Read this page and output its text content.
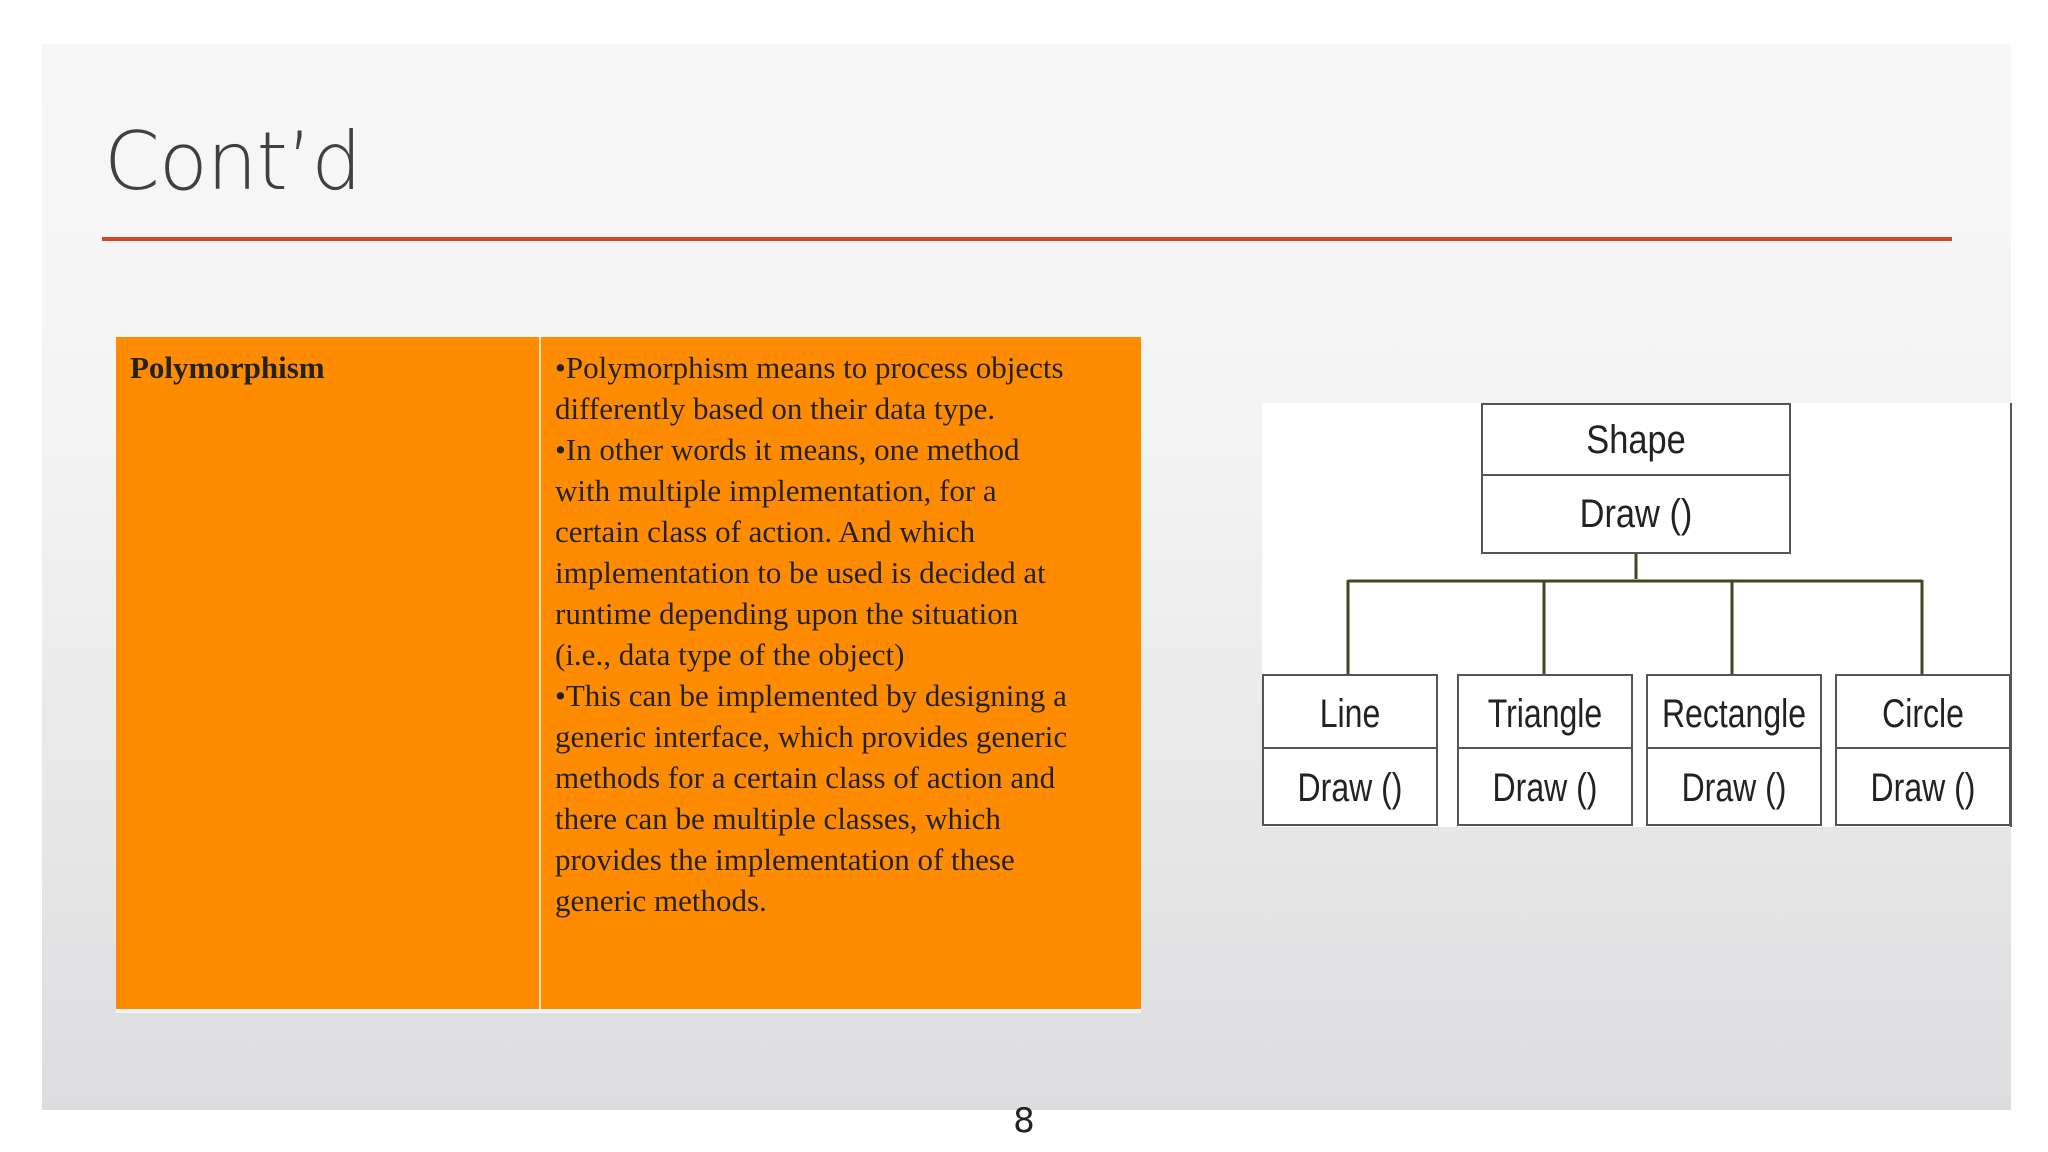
Cont’d
Polymorphism	•Polymorphism means to process objects
differently based on their data type.
•In other words it means, one method
with multiple implementation, for a
certain class of action. And which
implementation to be used is decided at
runtime depending upon the situation
(i.e., data type of the object)
•This can be implemented by designing a
generic interface, which provides generic
methods for a certain class of action and
there can be multiple classes, which
provides the implementation of these
generic methods.
Shape
Draw ()
Line
Draw ()
Triangle
Draw ()
Rectangle
Draw ()
Circle
Draw ()
8
